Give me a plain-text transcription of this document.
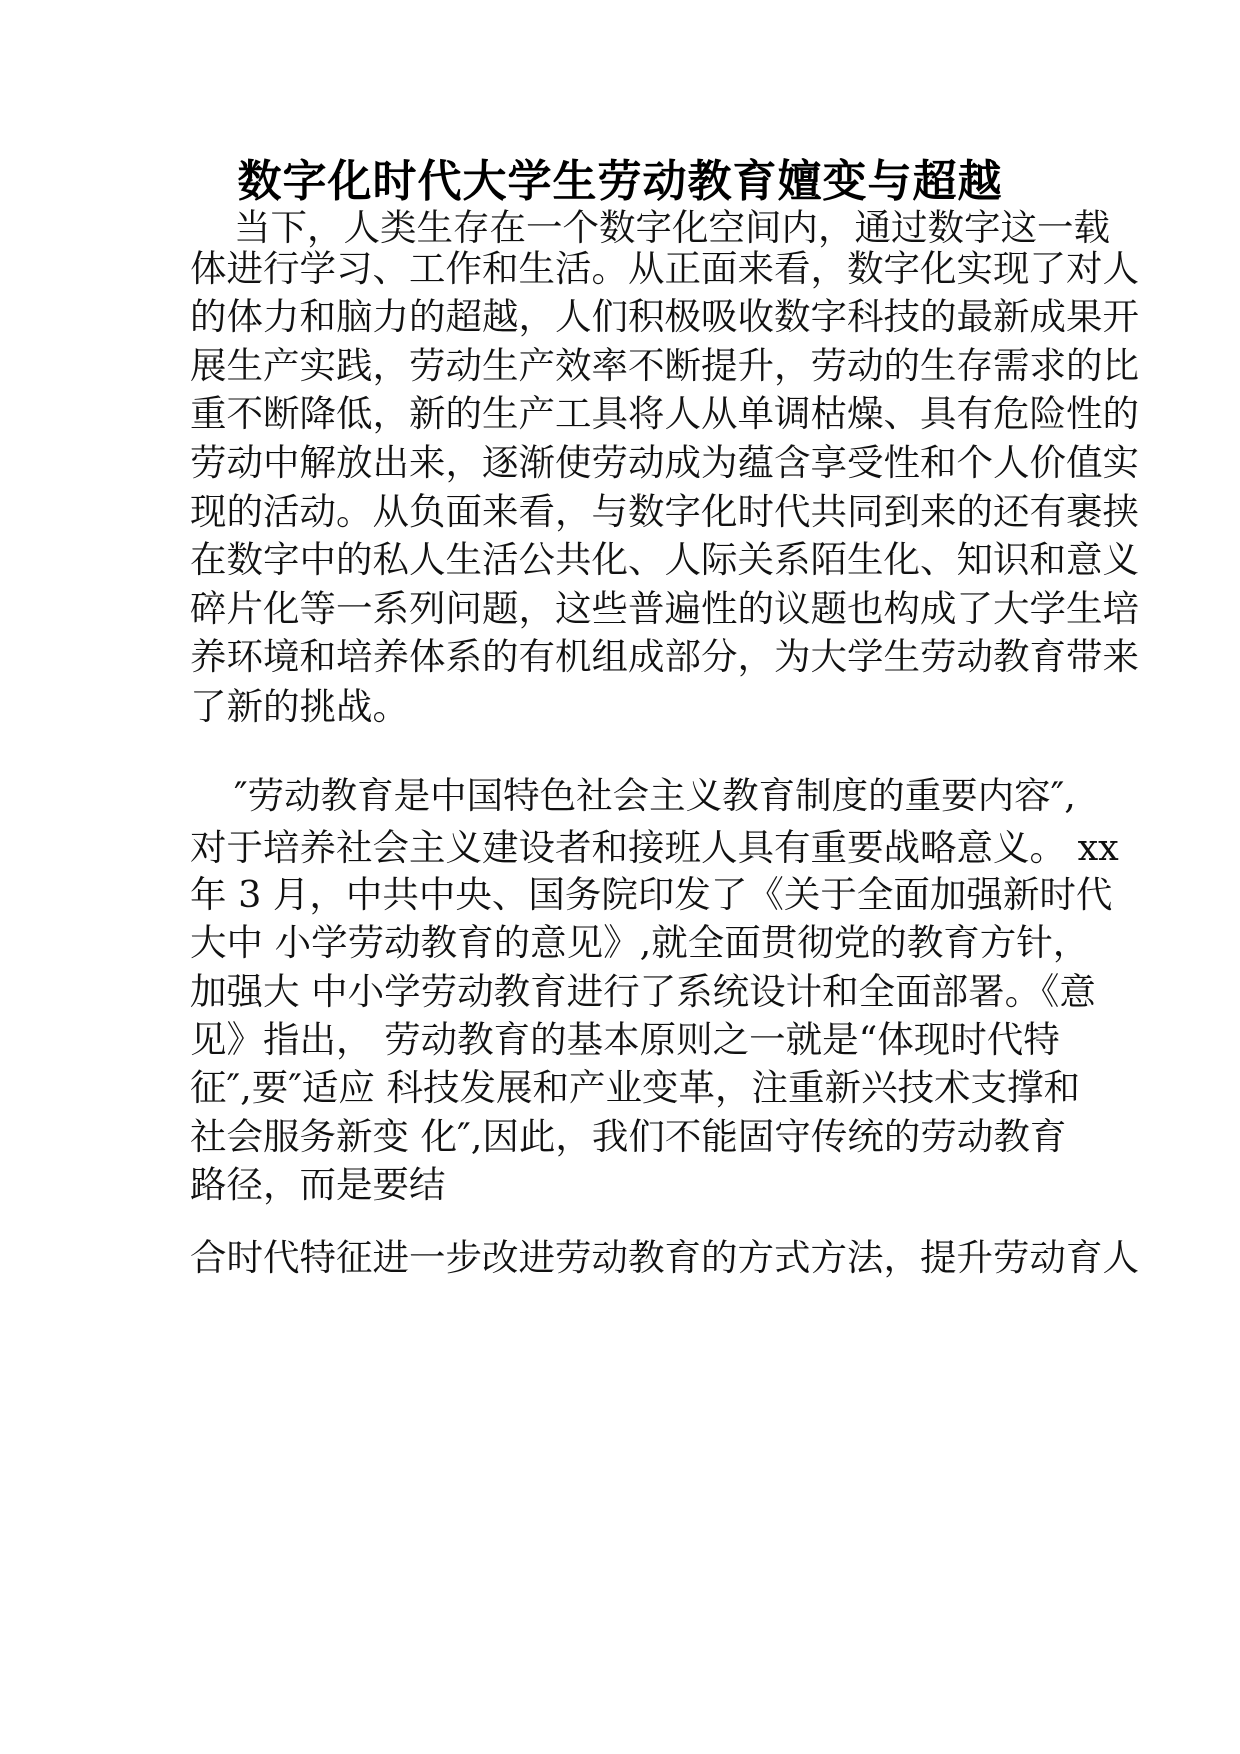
数字化时代大学生劳动教育嬗变与超越
当下，人类生存在一个数字化空间内，通过数字这一载
体进行学习、工作和生活。从正面来看，数字化实现了对人
的体力和脑力的超越，人们积极吸收数字科技的最新成果开
展生产实践，劳动生产效率不断提升，劳动的生存需求的比
重不断降低，新的生产工具将人从单调枯燥、具有危险性的
劳动中解放出来，逐渐使劳动成为蕴含享受性和个人价值实
现的活动。从负面来看，与数字化时代共同到来的还有裹挟
在数字中的私人生活公共化、人际关系陌生化、知识和意义
碎片化等一系列问题，这些普遍性的议题也构成了大学生培
养环境和培养体系的有机组成部分，为大学生劳动教育带来
了新的挑战。
″劳动教育是中国特色社会主义教育制度的重要内容″,
对于培养社会主义建设者和接班人具有重要战略意义。 xx
年 3 月，中共中央、国务院印发了《关于全面加强新时代
大中 小学劳动教育的意见》,就全面贯彻党的教育方针，
加强大 中小学劳动教育进行了系统设计和全面部署。《意
见》指出， 劳动教育的基本原则之一就是“体现时代特
征″,要″适应 科技发展和产业变革，注重新兴技术支撑和
社会服务新变 化″,因此，我们不能固守传统的劳动教育
路径，而是要结
合时代特征进一步改进劳动教育的方式方法，提升劳动育人
